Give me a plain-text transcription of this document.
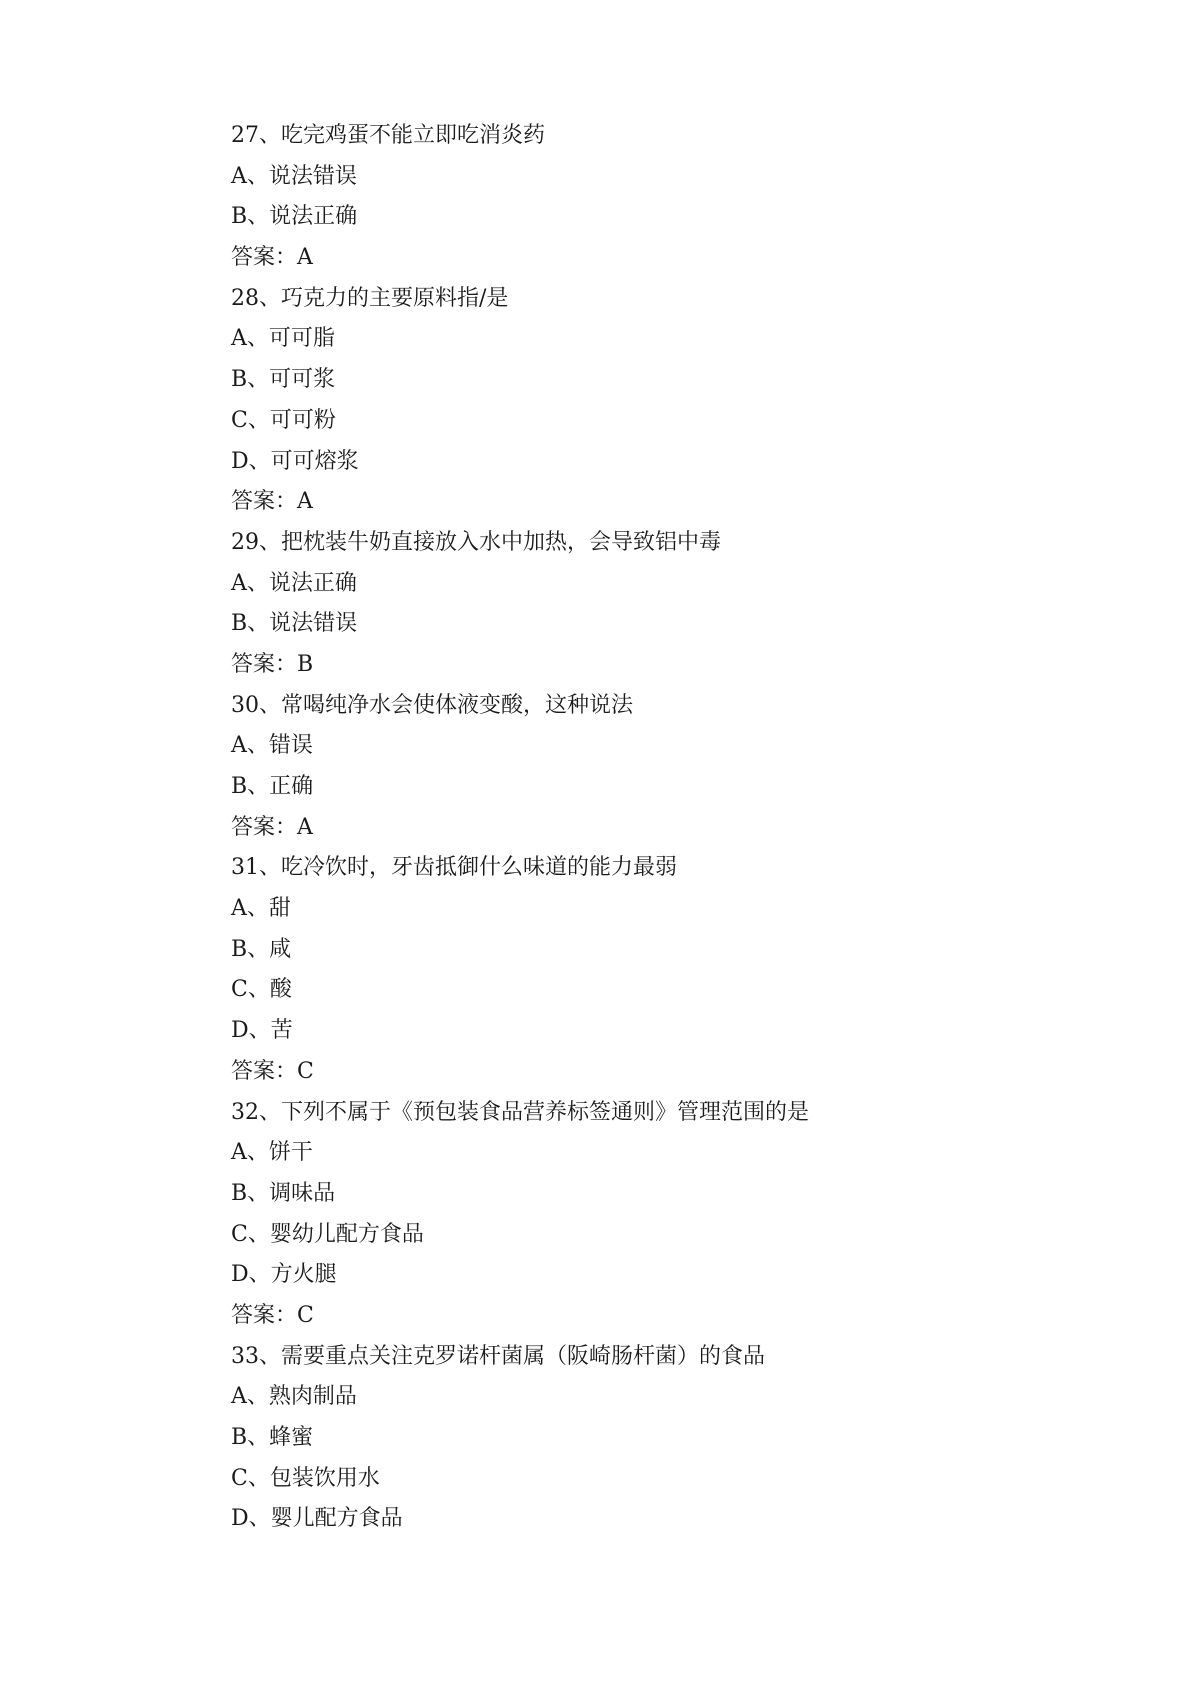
27、吃完鸡蛋不能立即吃消炎药
A、说法错误
B、说法正确
答案：A
28、巧克力的主要原料指/是
A、可可脂
B、可可浆
C、可可粉
D、可可熔浆
答案：A
29、把枕装牛奶直接放入水中加热，会导致铝中毒
A、说法正确
B、说法错误
答案：B
30、常喝纯净水会使体液变酸，这种说法
A、错误
B、正确
答案：A
31、吃冷饮时，牙齿抵御什么味道的能力最弱
A、甜
B、咸
C、酸
D、苦
答案：C
32、下列不属于《预包装食品营养标签通则》管理范围的是
A、饼干
B、调味品
C、婴幼儿配方食品
D、方火腿
答案：C
33、需要重点关注克罗诺杆菌属（阪崎肠杆菌）的食品
A、熟肉制品
B、蜂蜜
C、包装饮用水
D、婴儿配方食品
